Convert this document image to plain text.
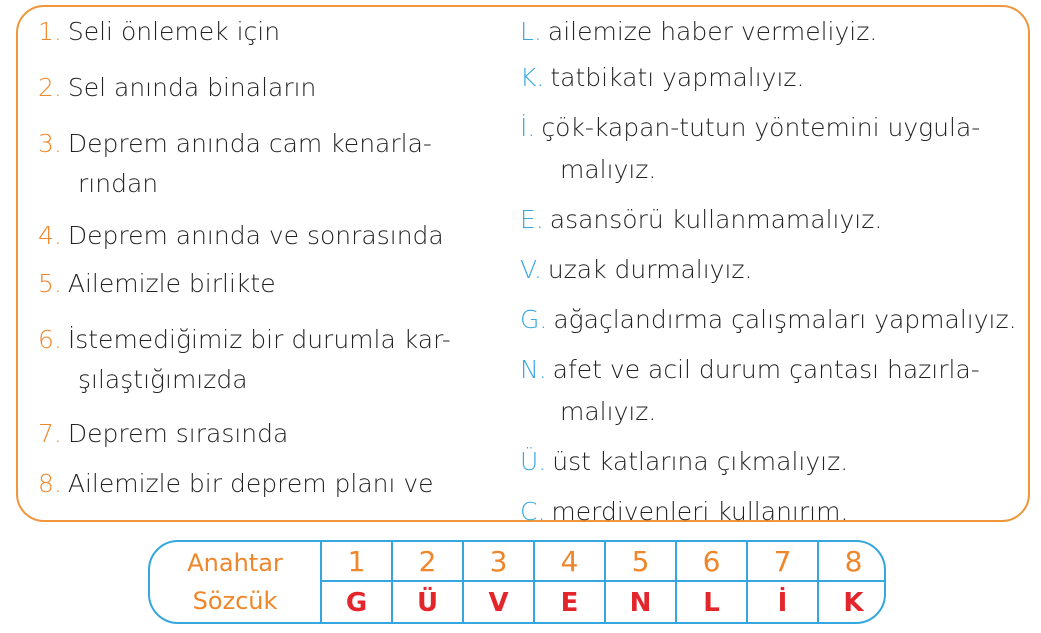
1. Seli önlemek için
2. Sel anında binaların
3. Deprem anında cam kenarla-
rından
4. Deprem anında ve sonrasında
5. Ailemizle birlikte
6. İstemediğimiz bir durumla kar-
şılaştığımızda
7. Deprem sırasında
8. Ailemizle bir deprem planı ve
L. ailemize haber vermeliyiz.
K. tatbikatı yapmalıyız.
İ. çök-kapan-tutun yöntemini uygula-
malıyız.
E. asansörü kullanmamalıyız.
V. uzak durmalıyız.
G. ağaçlandırma çalışmaları yapmalıyız.
N. afet ve acil durum çantası hazırla-
malıyız.
Ü. üst katlarına çıkmalıyız.
C. merdivenleri kullanırım.
Anahtar
Sözcük
1
G
2
Ü
3
V
4
E
5
N
6
L
7
İ
8
K
